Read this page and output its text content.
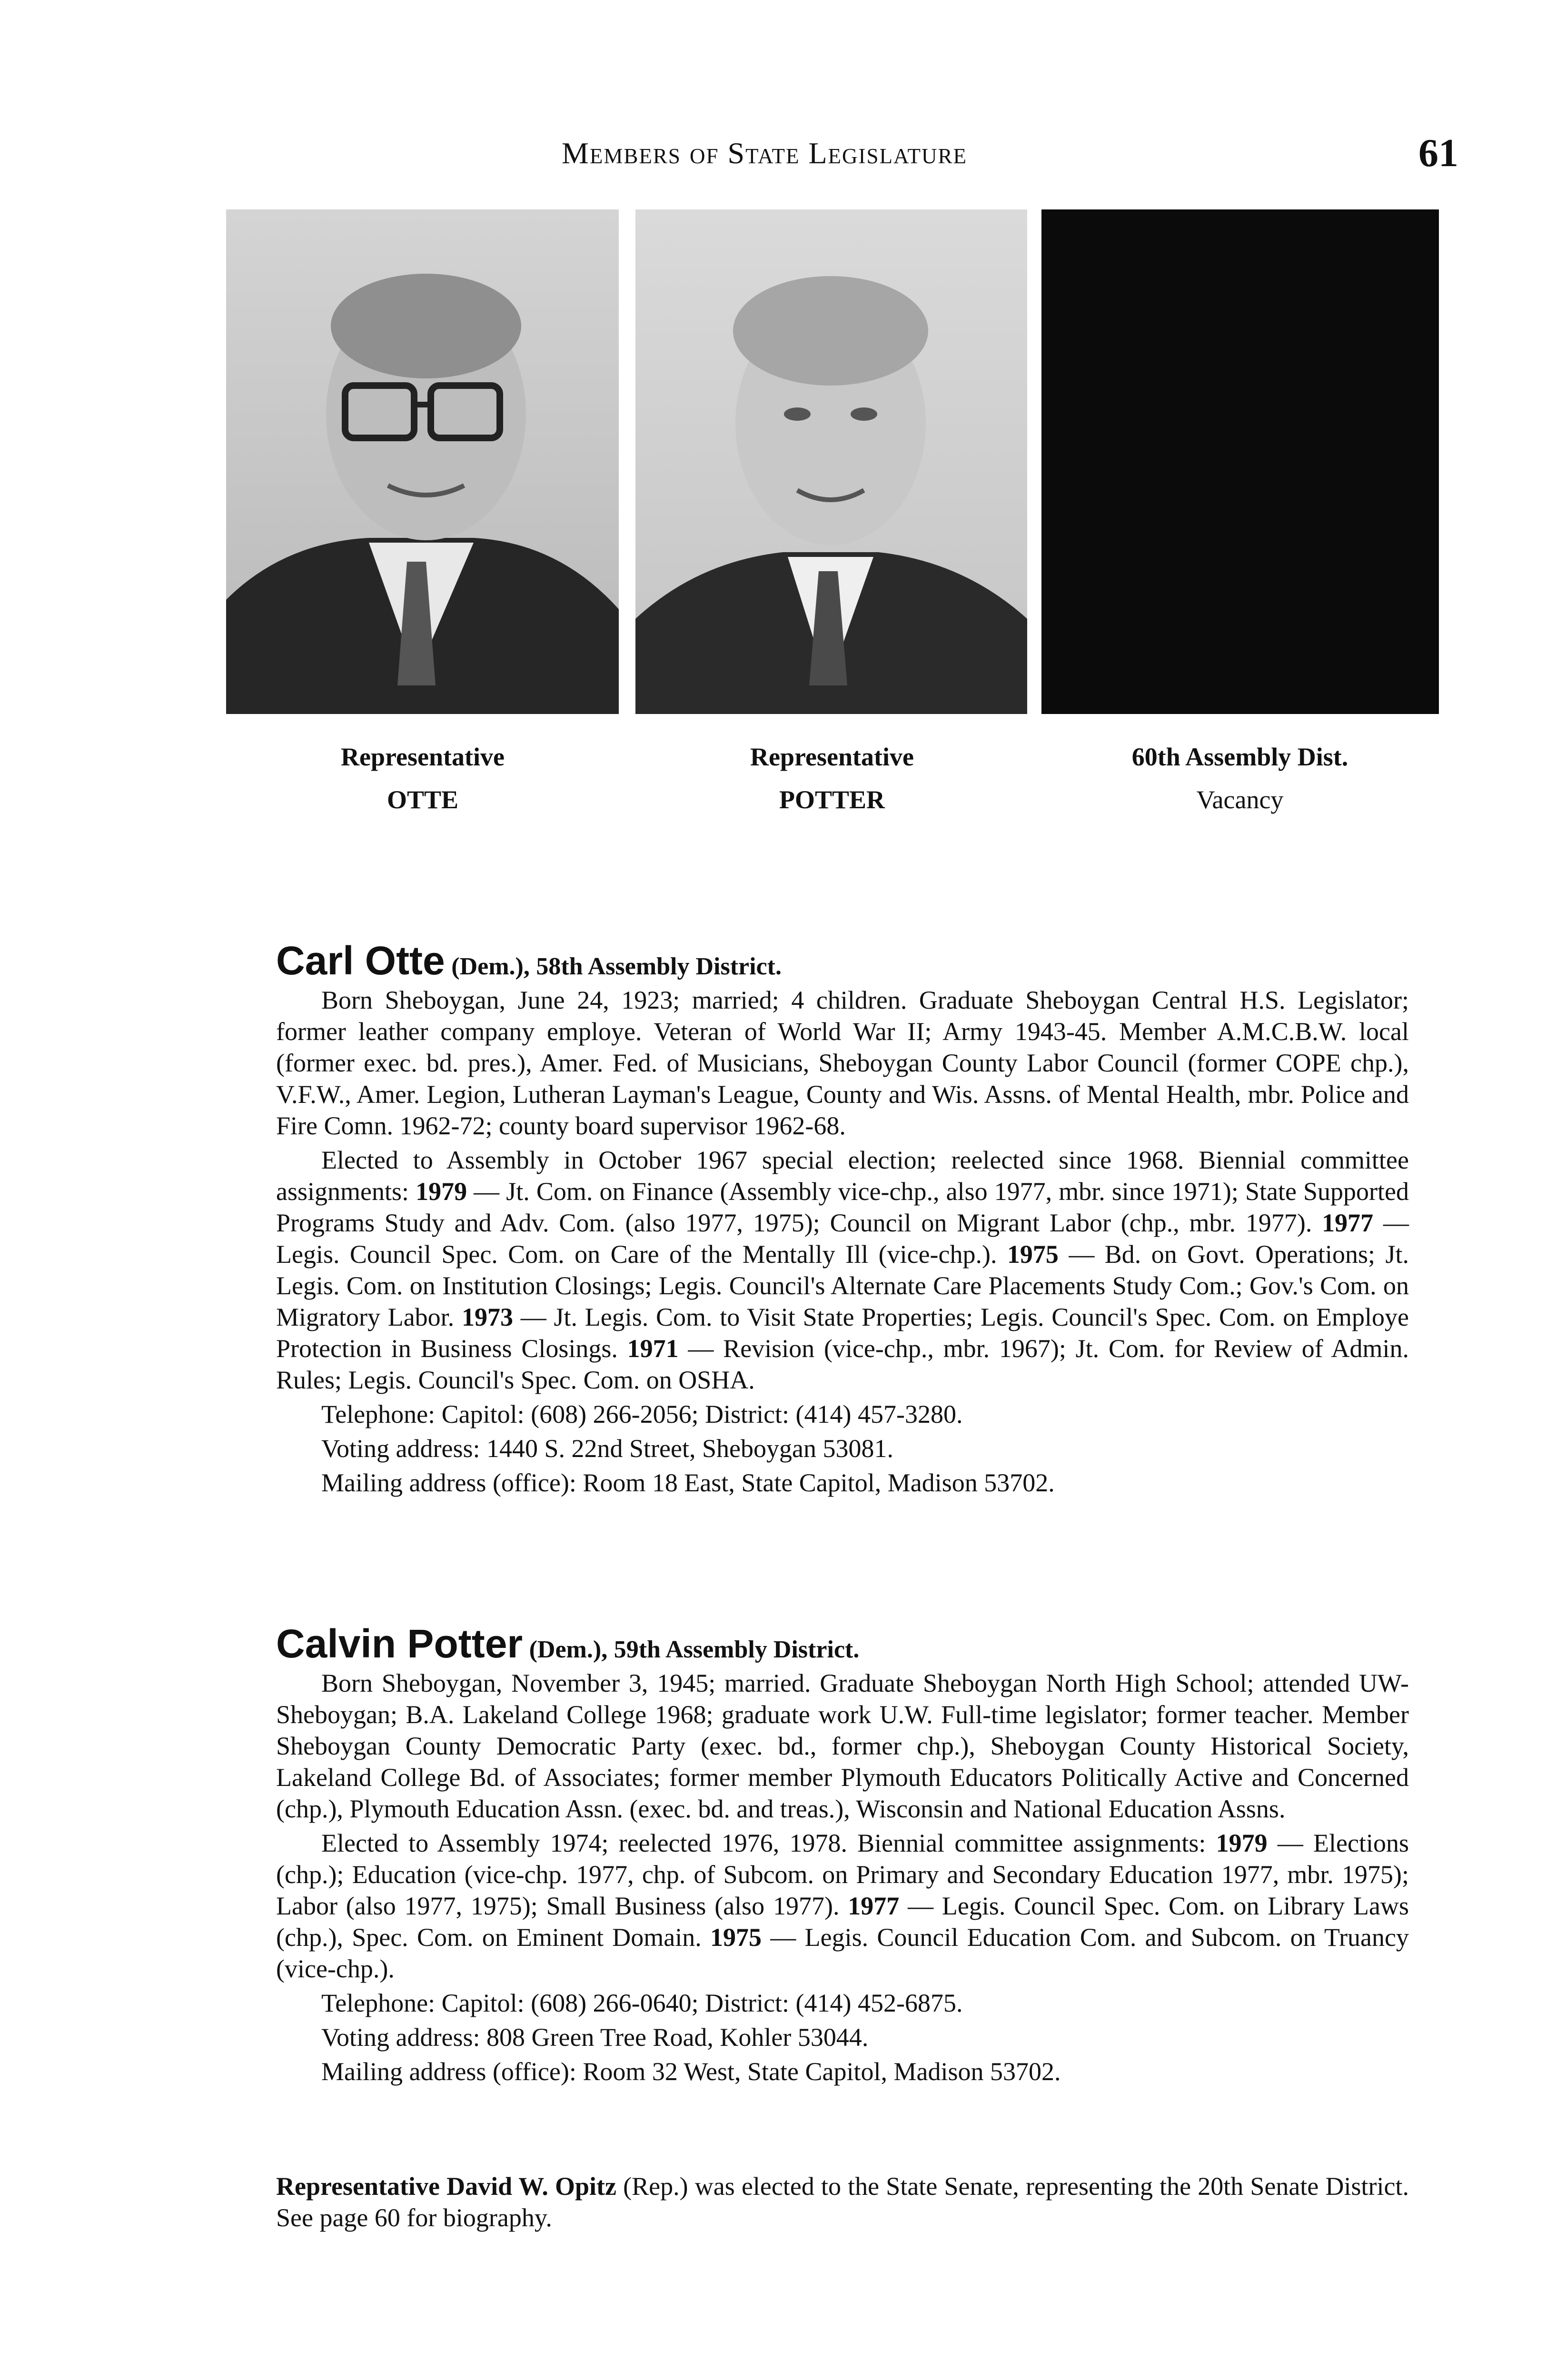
Members of State Legislature	61
Representative
OTTE
Representative
POTTER
60th Assembly Dist.
Vacancy
Carl Otte (Dem.), 58th Assembly District.

Born Sheboygan, June 24, 1923; married; 4 children. Graduate Sheboygan Central H.S. Legislator; former leather company employe. Veteran of World War II; Army 1943-45. Member A.M.C.B.W. local (former exec. bd. pres.), Amer. Fed. of Musicians, Sheboygan County Labor Council (former COPE chp.), V.F.W., Amer. Legion, Lutheran Layman's League, County and Wis. Assns. of Mental Health, mbr. Police and Fire Comn. 1962-72; county board supervisor 1962-68.

Elected to Assembly in October 1967 special election; reelected since 1968. Biennial committee assignments: 1979 — Jt. Com. on Finance (Assembly vice-chp., also 1977, mbr. since 1971); State Supported Programs Study and Adv. Com. (also 1977, 1975); Council on Migrant Labor (chp., mbr. 1977). 1977 — Legis. Council Spec. Com. on Care of the Mentally Ill (vice-chp.). 1975 — Bd. on Govt. Operations; Jt. Legis. Com. on Institution Closings; Legis. Council's Alternate Care Placements Study Com.; Gov.'s Com. on Migratory Labor. 1973 — Jt. Legis. Com. to Visit State Properties; Legis. Council's Spec. Com. on Employe Protection in Business Closings. 1971 — Revision (vice-chp., mbr. 1967); Jt. Com. for Review of Admin. Rules; Legis. Council's Spec. Com. on OSHA.

Telephone: Capitol: (608) 266-2056; District: (414) 457-3280.

Voting address: 1440 S. 22nd Street, Sheboygan 53081.

Mailing address (office): Room 18 East, State Capitol, Madison 53702.

Calvin Potter (Dem.), 59th Assembly District.

Born Sheboygan, November 3, 1945; married. Graduate Sheboygan North High School; attended UW-Sheboygan; B.A. Lakeland College 1968; graduate work U.W. Full-time legislator; former teacher. Member Sheboygan County Democratic Party (exec. bd., former chp.), Sheboygan County Historical Society, Lakeland College Bd. of Associates; former member Plymouth Educators Politically Active and Concerned (chp.), Plymouth Education Assn. (exec. bd. and treas.), Wisconsin and National Education Assns.

Elected to Assembly 1974; reelected 1976, 1978. Biennial committee assignments: 1979 — Elections (chp.); Education (vice-chp. 1977, chp. of Subcom. on Primary and Secondary Education 1977, mbr. 1975); Labor (also 1977, 1975); Small Business (also 1977). 1977 — Legis. Council Spec. Com. on Library Laws (chp.), Spec. Com. on Eminent Domain. 1975 — Legis. Council Education Com. and Subcom. on Truancy (vice-chp.).

Telephone: Capitol: (608) 266-0640; District: (414) 452-6875.

Voting address: 808 Green Tree Road, Kohler 53044.

Mailing address (office): Room 32 West, State Capitol, Madison 53702.

Representative David W. Opitz (Rep.) was elected to the State Senate, representing the 20th Senate District. See page 60 for biography.
